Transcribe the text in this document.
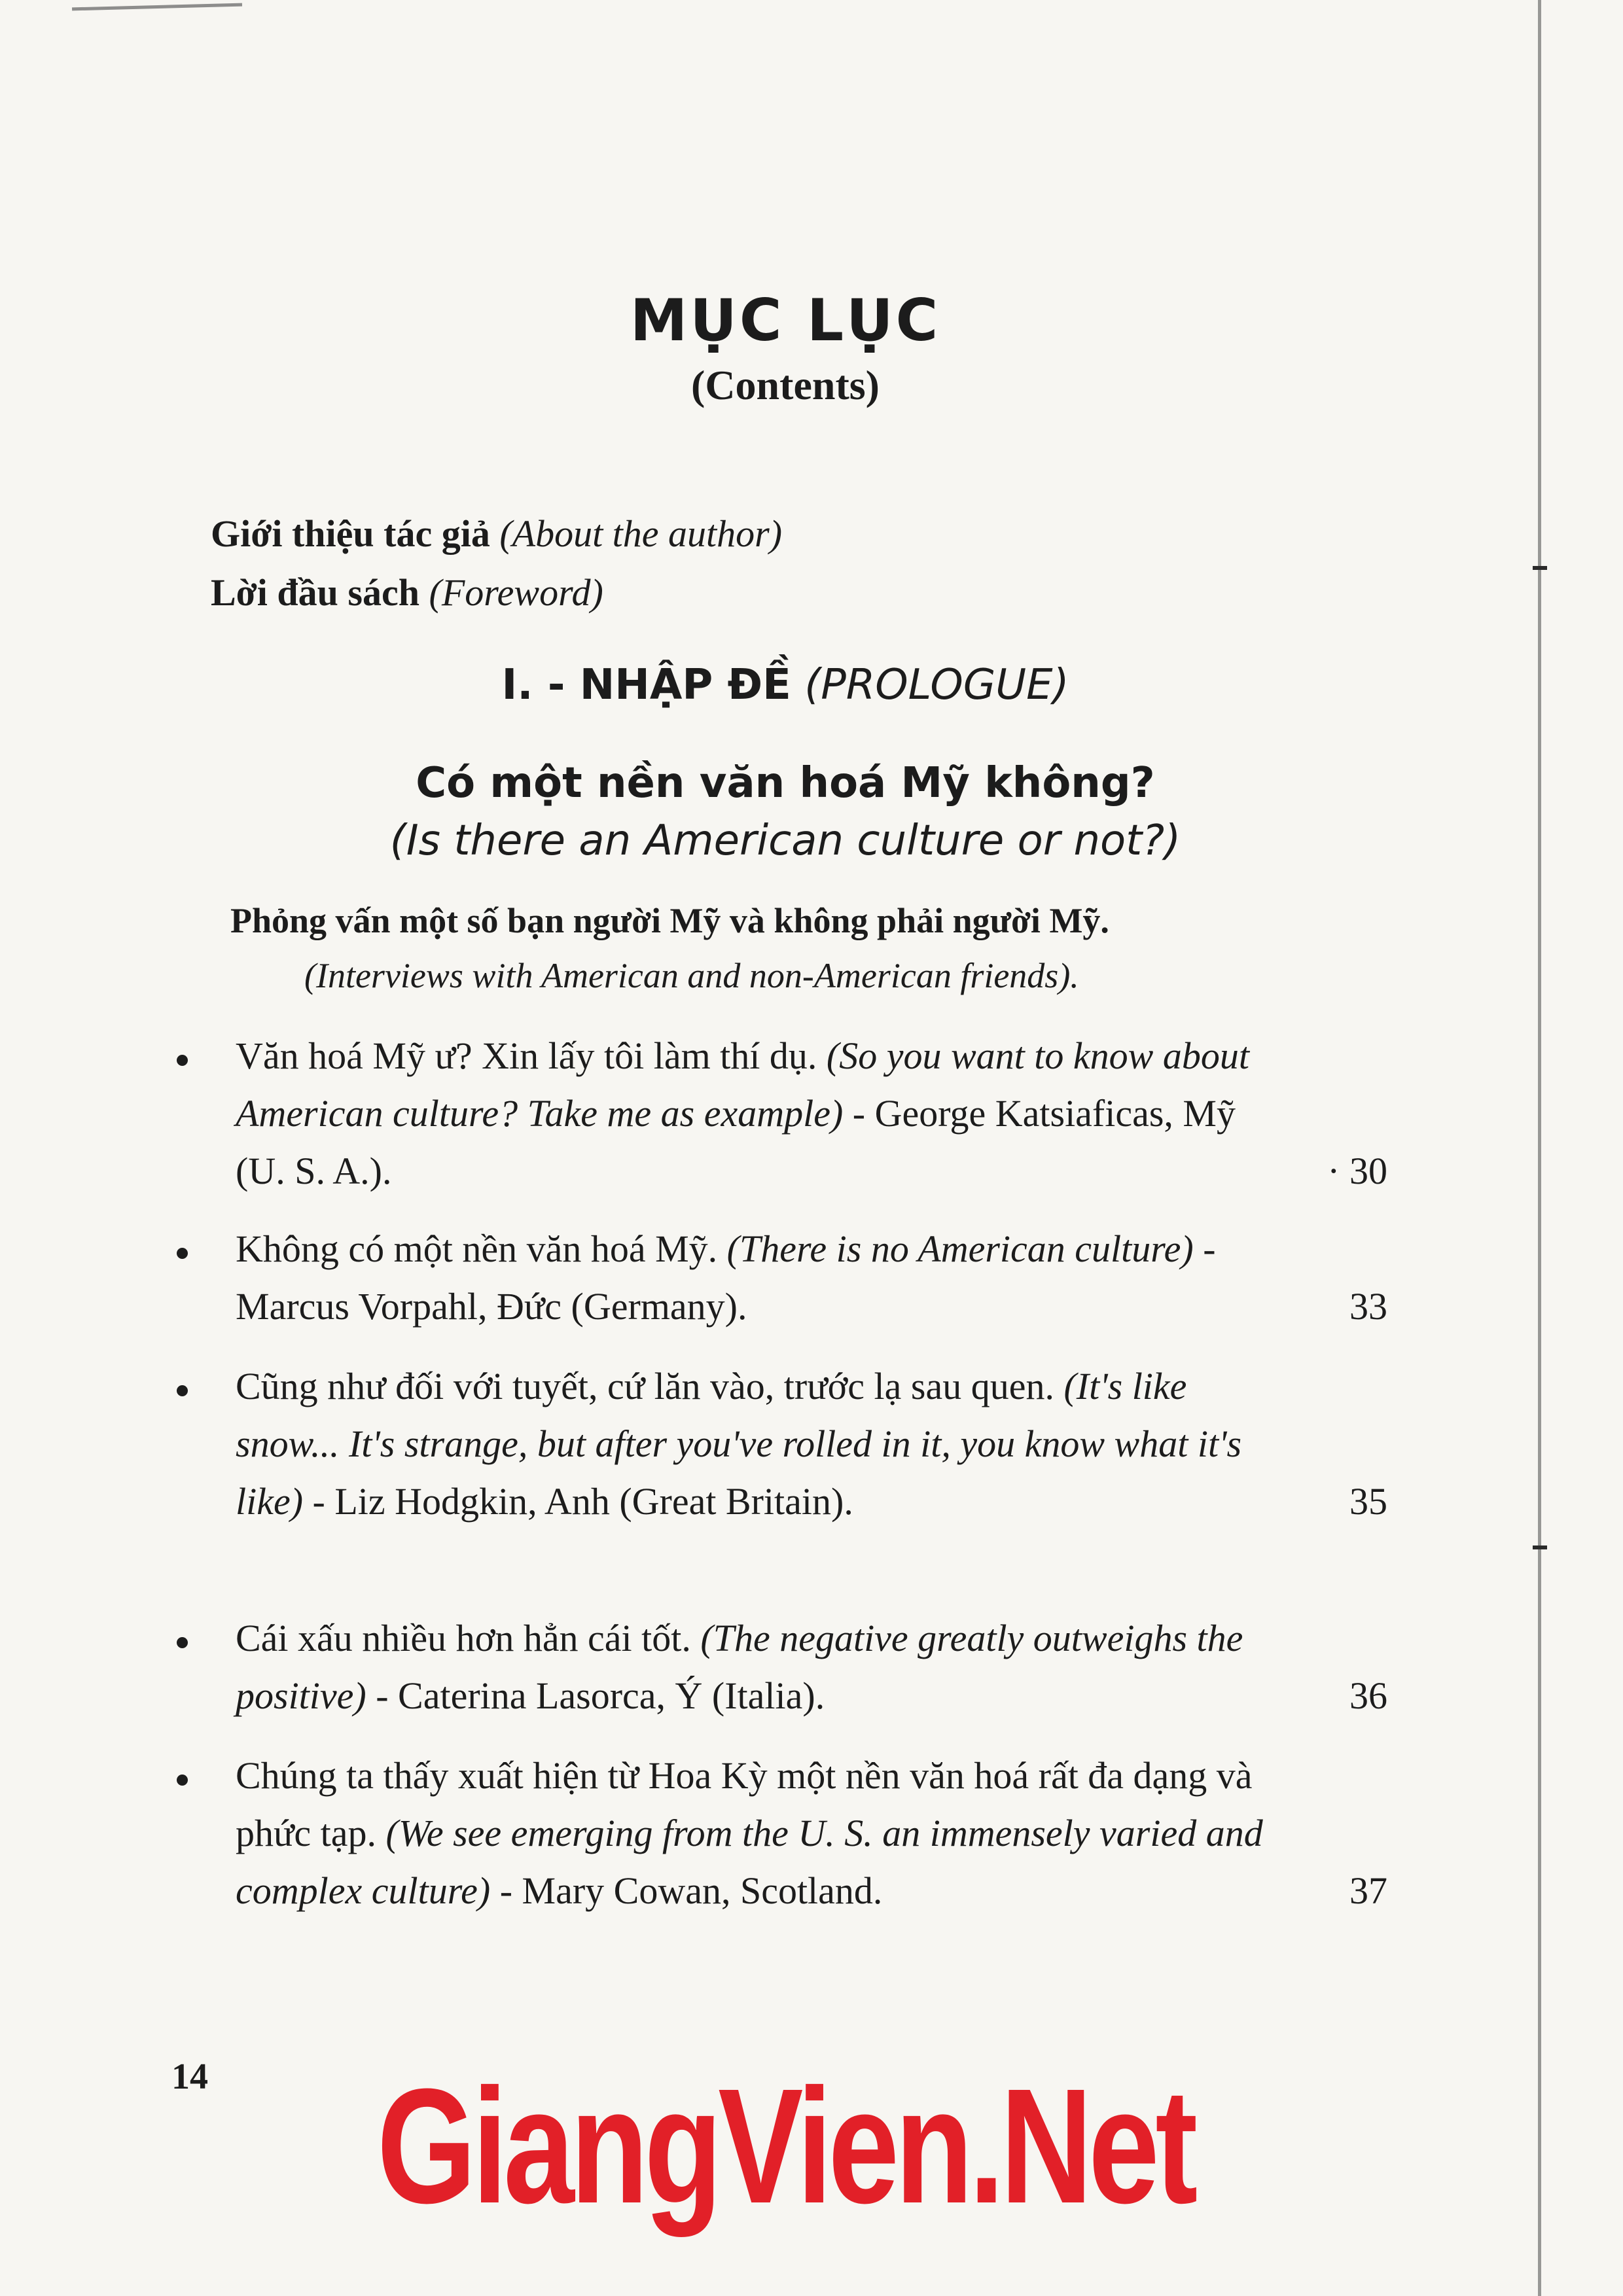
MỤC LỤC
(Contents)
Giới thiệu tác giả (About the author)
Lời đầu sách (Foreword)
I. - NHẬP ĐỀ (PROLOGUE)
Có một nền văn hoá Mỹ không?
(Is there an American culture or not?)
Phỏng vấn một số bạn người Mỹ và không phải người Mỹ.
(Interviews with American and non-American friends).
Văn hoá Mỹ ư? Xin lấy tôi làm thí dụ. (So you want to know about American culture? Take me as example) - George Katsiaficas, Mỹ (U. S. A.).	· 30
Không có một nền văn hoá Mỹ. (There is no American culture) - Marcus Vorpahl, Đức (Germany).	33
Cũng như đối với tuyết, cứ lăn vào, trước lạ sau quen. (It's like snow... It's strange, but after you've rolled in it, you know what it's like) - Liz Hodgkin, Anh (Great Britain).	35
Cái xấu nhiều hơn hẳn cái tốt. (The negative greatly outweighs the positive) - Caterina Lasorca, Ý (Italia).	36
Chúng ta thấy xuất hiện từ Hoa Kỳ một nền văn hoá rất đa dạng và phức tạp. (We see emerging from the U. S. an immensely varied and complex culture) - Mary Cowan, Scotland.	37
14	GiangVien.Net
